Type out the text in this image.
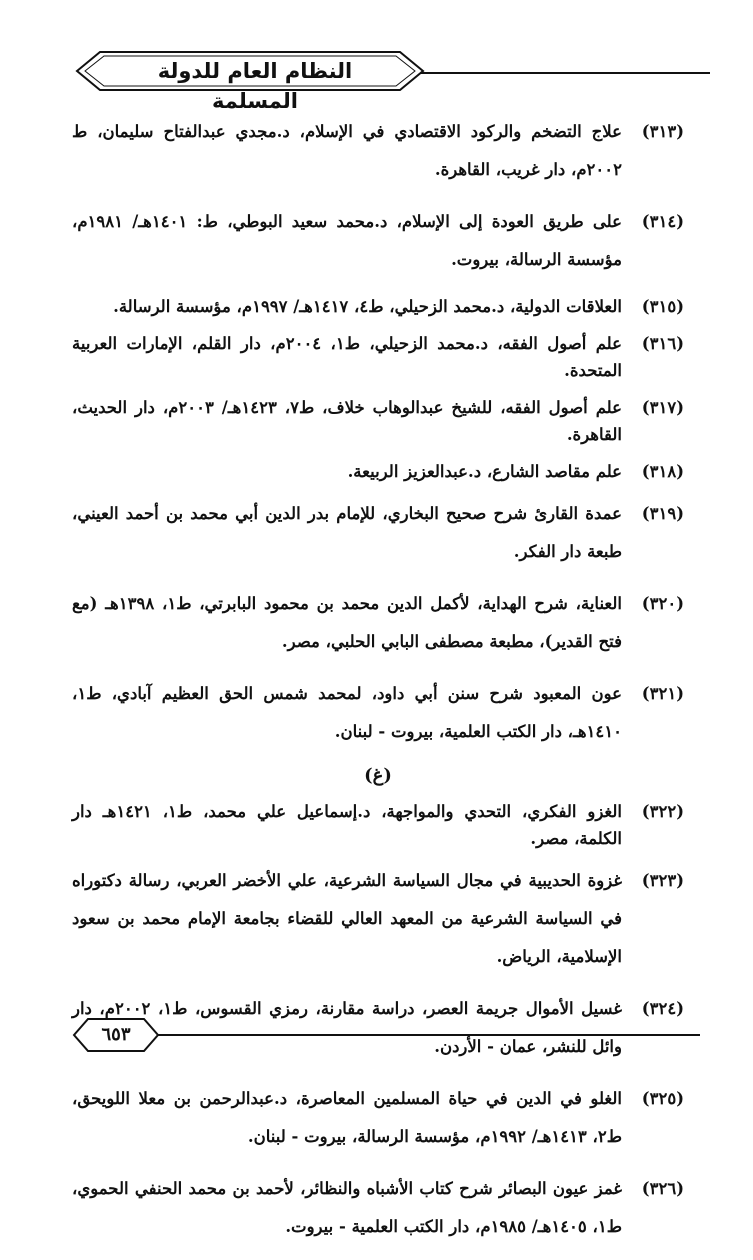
النظام العام للدولة المسلمة
(٣١٣)
علاج التضخم والركود الاقتصادي في الإسلام، د.مجدي عبدالفتاح سليمان، ط ٢٠٠٢م، دار غريب، القاهرة.
(٣١٤)
على طريق العودة إلى الإسلام، د.محمد سعيد البوطي، ط: ١٤٠١هـ/ ١٩٨١م، مؤسسة الرسالة، بيروت.
(٣١٥)
العلاقات الدولية، د.محمد الزحيلي، ط٤، ١٤١٧هـ/ ١٩٩٧م، مؤسسة الرسالة.
(٣١٦)
علم أصول الفقه، د.محمد الزحيلي، ط١، ٢٠٠٤م، دار القلم، الإمارات العربية المتحدة.
(٣١٧)
علم أصول الفقه، للشيخ عبدالوهاب خلاف، ط٧، ١٤٢٣هـ/ ٢٠٠٣م، دار الحديث، القاهرة.
(٣١٨)
علم مقاصد الشارع، د.عبدالعزيز الربيعة.
(٣١٩)
عمدة القارئ شرح صحيح البخاري، للإمام بدر الدين أبي محمد بن أحمد العيني، طبعة دار الفكر.
(٣٢٠)
العناية، شرح الهداية، لأكمل الدين محمد بن محمود البابرتي، ط١، ١٣٩٨هـ (مع فتح القدير)، مطبعة مصطفى البابي الحلبي، مصر.
(٣٢١)
عون المعبود شرح سنن أبي داود، لمحمد شمس الحق العظيم آبادي، ط١، ١٤١٠هـ، دار الكتب العلمية، بيروت - لبنان.
(غ)
(٣٢٢)
الغزو الفكري، التحدي والمواجهة، د.إسماعيل علي محمد، ط١، ١٤٢١هـ دار الكلمة، مصر.
(٣٢٣)
غزوة الحديبية في مجال السياسة الشرعية، علي الأخضر العربي، رسالة دكتوراه في السياسة الشرعية من المعهد العالي للقضاء بجامعة الإمام محمد بن سعود الإسلامية، الرياض.
(٣٢٤)
غسيل الأموال جريمة العصر، دراسة مقارنة، رمزي القسوس، ط١، ٢٠٠٢م، دار وائل للنشر، عمان - الأردن.
(٣٢٥)
الغلو في الدين في حياة المسلمين المعاصرة، د.عبدالرحمن بن معلا اللويحق، ط٢، ١٤١٣هـ/ ١٩٩٢م، مؤسسة الرسالة، بيروت - لبنان.
(٣٢٦)
غمز عيون البصائر شرح كتاب الأشباه والنظائر، لأحمد بن محمد الحنفي الحموي، ط١، ١٤٠٥هـ/ ١٩٨٥م، دار الكتب العلمية - بيروت.
٦٥٣
